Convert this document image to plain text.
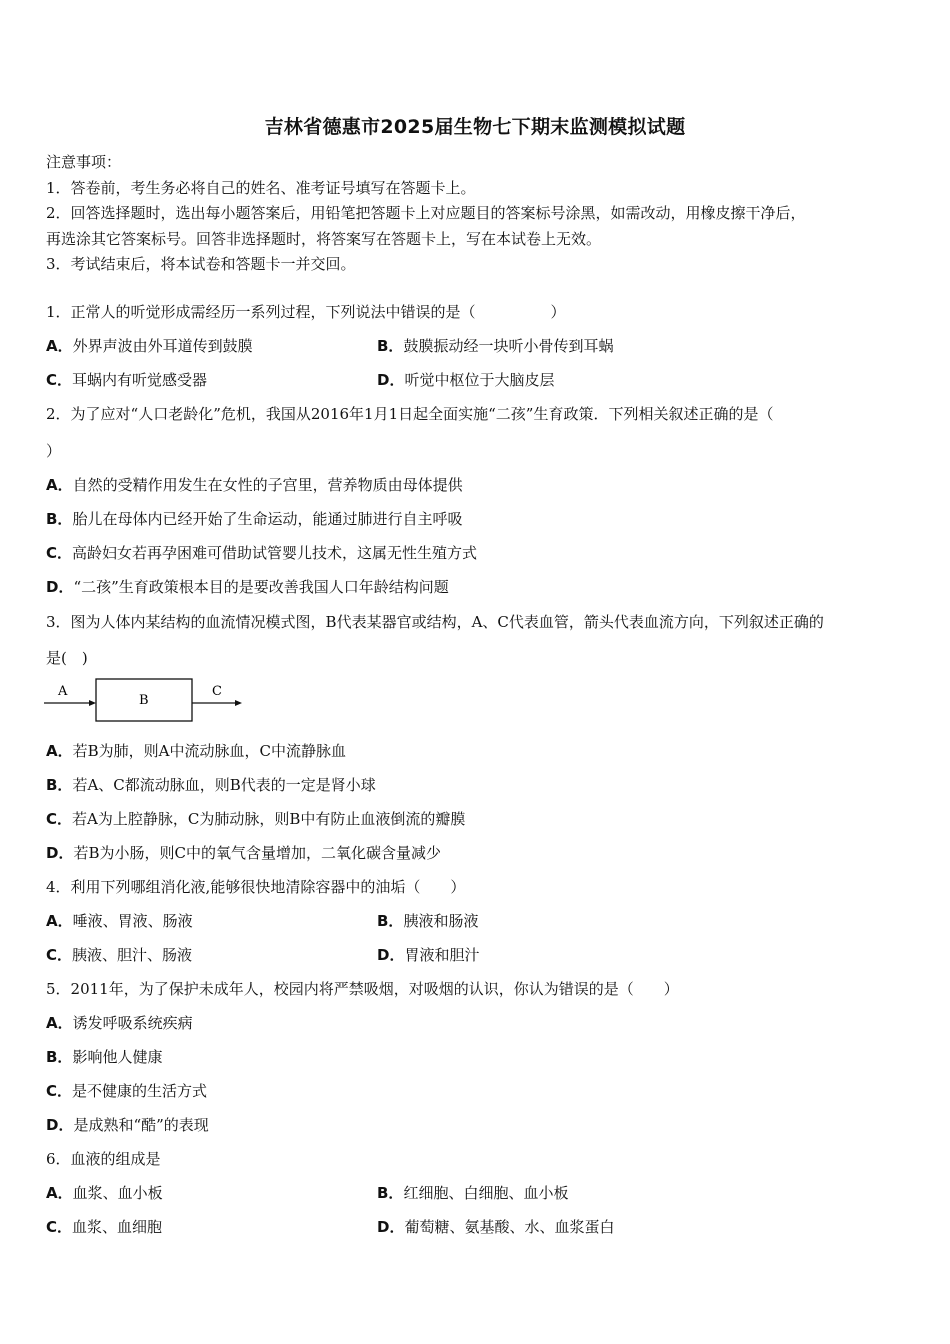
吉林省德惠市2025届生物七下期末监测模拟试题
注意事项：
1．答卷前，考生务必将自己的姓名、准考证号填写在答题卡上。
2．回答选择题时，选出每小题答案后，用铅笔把答题卡上对应题目的答案标号涂黑，如需改动，用橡皮擦干净后，
再选涂其它答案标号。回答非选择题时，将答案写在答题卡上，写在本试卷上无效。
3．考试结束后，将本试卷和答题卡一并交回。
1．正常人的听觉形成需经历一系列过程，下列说法中错误的是（　　　　　）
A．外界声波由外耳道传到鼓膜	B．鼓膜振动经一块听小骨传到耳蜗
C．耳蜗内有听觉感受器	D．听觉中枢位于大脑皮层
2．为了应对“人口老龄化”危机，我国从2016年1月1日起全面实施“二孩”生育政策．下列相关叙述正确的是（
）
A．自然的受精作用发生在女性的子宫里，营养物质由母体提供
B．胎儿在母体内已经开始了生命运动，能通过肺进行自主呼吸
C．高龄妇女若再孕困难可借助试管婴儿技术，这属无性生殖方式
D．“二孩”生育政策根本目的是要改善我国人口年龄结构问题
3．图为人体内某结构的血流情况模式图，B代表某器官或结构，A、C代表血管，箭头代表血流方向，下列叙述正确的
是(　)
A
B
C
A．若B为肺，则A中流动脉血，C中流静脉血
B．若A、C都流动脉血，则B代表的一定是肾小球
C．若A为上腔静脉，C为肺动脉，则B中有防止血液倒流的瓣膜
D．若B为小肠，则C中的氧气含量增加，二氧化碳含量减少
4．利用下列哪组消化液,能够很快地清除容器中的油垢（　　）
A．唾液、胃液、肠液	B．胰液和肠液
C．胰液、胆汁、肠液	D．胃液和胆汁
5．2011年，为了保护未成年人，校园内将严禁吸烟，对吸烟的认识，你认为错误的是（　　）
A．诱发呼吸系统疾病
B．影响他人健康
C．是不健康的生活方式
D．是成熟和“酷”的表现
6．血液的组成是
A．血浆、血小板	B．红细胞、白细胞、血小板
C．血浆、血细胞	D．葡萄糖、氨基酸、水、血浆蛋白
